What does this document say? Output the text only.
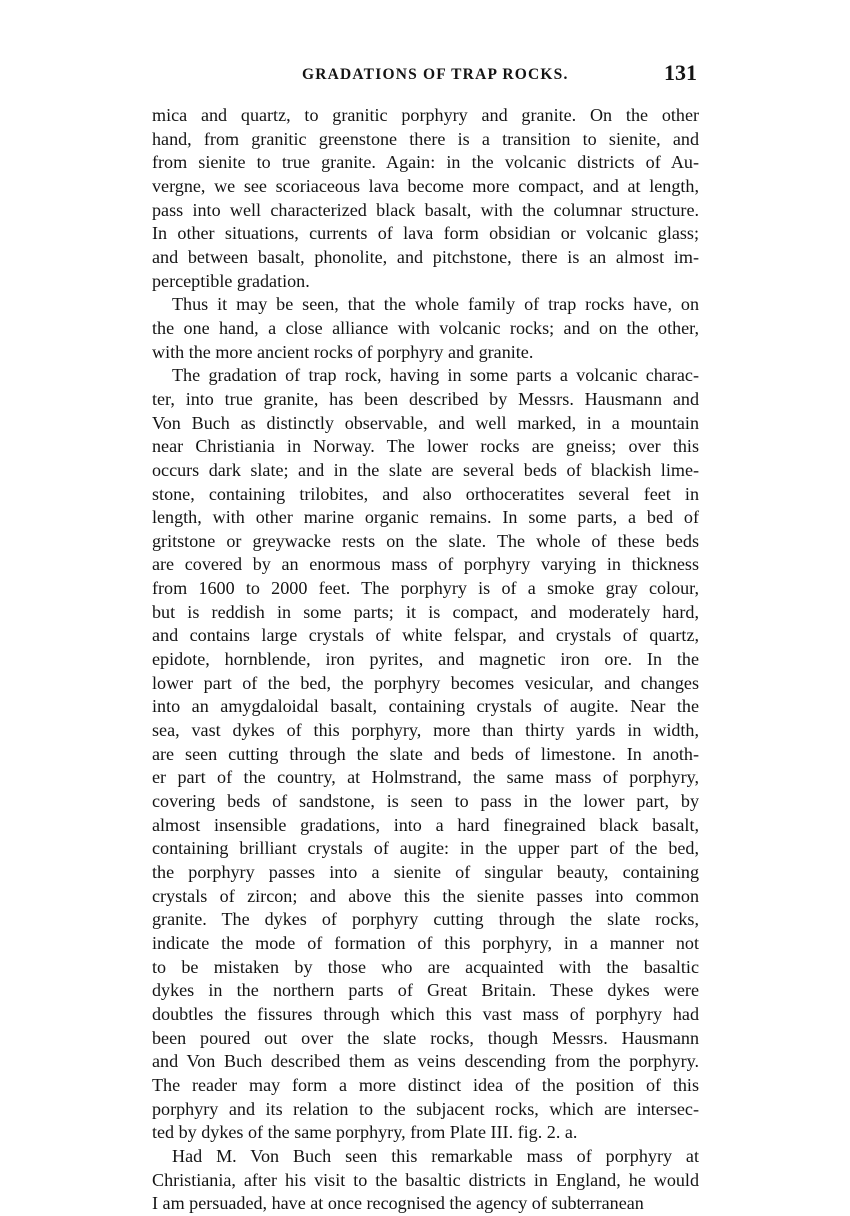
GRADATIONS OF TRAP ROCKS.	131

mica and quartz, to granitic porphyry and granite. On the other
hand, from granitic greenstone there is a transition to sienite, and
from sienite to true granite. Again: in the volcanic districts of Au-
vergne, we see scoriaceous lava become more compact, and at length,
pass into well characterized black basalt, with the columnar structure.
In other situations, currents of lava form obsidian or volcanic glass;
and between basalt, phonolite, and pitchstone, there is an almost im-
perceptible gradation.

Thus it may be seen, that the whole family of trap rocks have, on
the one hand, a close alliance with volcanic rocks; and on the other,
with the more ancient rocks of porphyry and granite.

The gradation of trap rock, having in some parts a volcanic charac-
ter, into true granite, has been described by Messrs. Hausmann and
Von Buch as distinctly observable, and well marked, in a mountain
near Christiania in Norway. The lower rocks are gneiss; over this
occurs dark slate; and in the slate are several beds of blackish lime-
stone, containing trilobites, and also orthoceratites several feet in
length, with other marine organic remains. In some parts, a bed of
gritstone or greywacke rests on the slate. The whole of these beds
are covered by an enormous mass of porphyry varying in thickness
from 1600 to 2000 feet. The porphyry is of a smoke gray colour,
but is reddish in some parts; it is compact, and moderately hard,
and contains large crystals of white felspar, and crystals of quartz,
epidote, hornblende, iron pyrites, and magnetic iron ore. In the
lower part of the bed, the porphyry becomes vesicular, and changes
into an amygdaloidal basalt, containing crystals of augite. Near the
sea, vast dykes of this porphyry, more than thirty yards in width,
are seen cutting through the slate and beds of limestone. In anoth-
er part of the country, at Holmstrand, the same mass of porphyry,
covering beds of sandstone, is seen to pass in the lower part, by
almost insensible gradations, into a hard finegrained black basalt,
containing brilliant crystals of augite: in the upper part of the bed,
the porphyry passes into a sienite of singular beauty, containing
crystals of zircon; and above this the sienite passes into common
granite. The dykes of porphyry cutting through the slate rocks,
indicate the mode of formation of this porphyry, in a manner not
to be mistaken by those who are acquainted with the basaltic
dykes in the northern parts of Great Britain. These dykes were
doubtles the fissures through which this vast mass of porphyry had
been poured out over the slate rocks, though Messrs. Hausmann
and Von Buch described them as veins descending from the porphyry.
The reader may form a more distinct idea of the position of this
porphyry and its relation to the subjacent rocks, which are intersec-
ted by dykes of the same porphyry, from Plate III. fig. 2. a.

Had M. Von Buch seen this remarkable mass of porphyry at
Christiania, after his visit to the basaltic districts in England, he would
I am persuaded, have at once recognised the agency of subterranean
